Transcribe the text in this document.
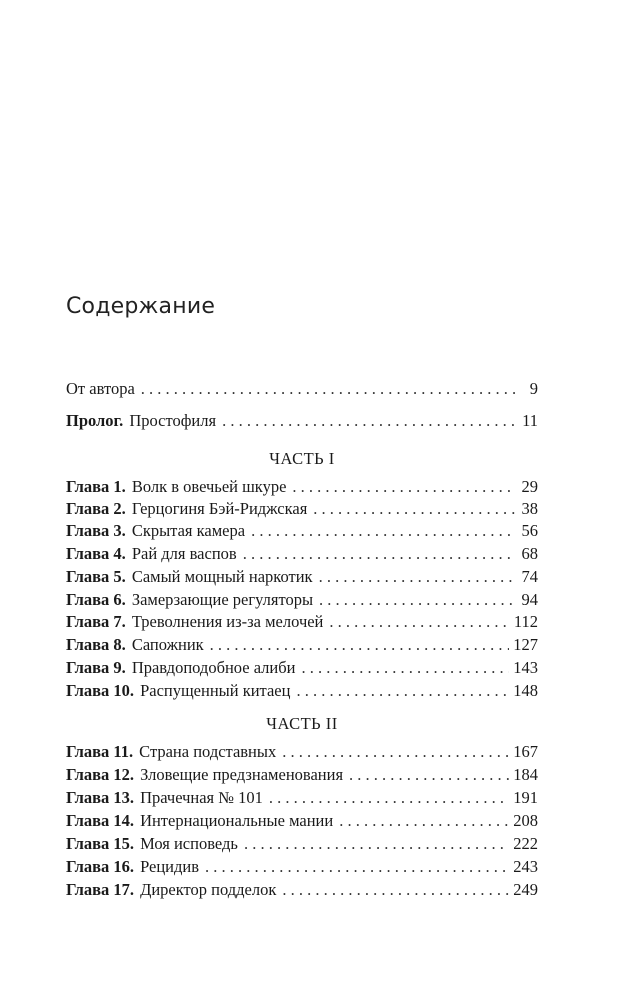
Содержание
От автора . . .	9
Пролог. Простофиля . . .	11
ЧАСТЬ I
Глава 1. Волк в овечьей шкуре . . .	29
Глава 2. Герцогиня Бэй-Риджская . . .	38
Глава 3. Скрытая камера . . .	56
Глава 4. Рай для васпов . . .	68
Глава 5. Самый мощный наркотик . . .	74
Глава 6. Замерзающие регуляторы . . .	94
Глава 7. Треволнения из-за мелочей . . .	112
Глава 8. Сапожник . . .	127
Глава 9. Правдоподобное алиби . . .	143
Глава 10. Распущенный китаец . . .	148
ЧАСТЬ II
Глава 11. Страна подставных . . .	167
Глава 12. Зловещие предзнаменования . . .	184
Глава 13. Прачечная № 101 . . .	191
Глава 14. Интернациональные мании . . .	208
Глава 15. Моя исповедь . . .	222
Глава 16. Рецидив . . .	243
Глава 17. Директор подделок . . .	249
